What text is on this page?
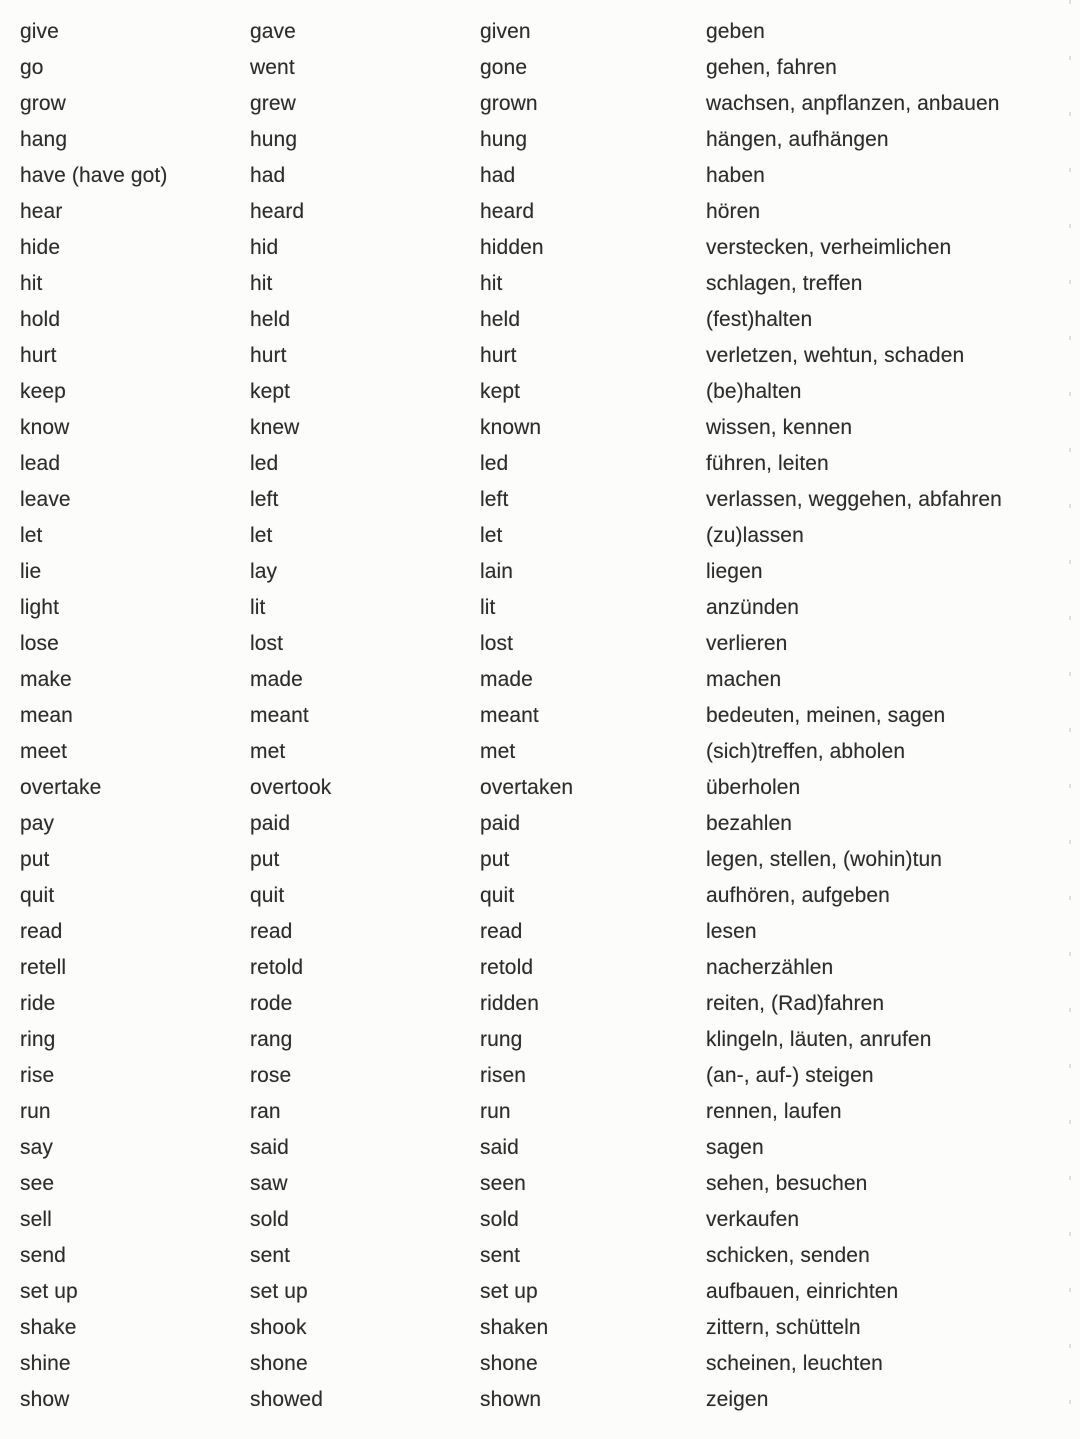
give	gave	given	geben
go	went	gone	gehen, fahren
grow	grew	grown	wachsen, anpflanzen, anbauen
hang	hung	hung	hängen, aufhängen
have (have got)	had	had	haben
hear	heard	heard	hören
hide	hid	hidden	verstecken, verheimlichen
hit	hit	hit	schlagen, treffen
hold	held	held	(fest)halten
hurt	hurt	hurt	verletzen, wehtun, schaden
keep	kept	kept	(be)halten
know	knew	known	wissen, kennen
lead	led	led	führen, leiten
leave	left	left	verlassen, weggehen, abfahren
let	let	let	(zu)lassen
lie	lay	lain	liegen
light	lit	lit	anzünden
lose	lost	lost	verlieren
make	made	made	machen
mean	meant	meant	bedeuten, meinen, sagen
meet	met	met	(sich)treffen, abholen
overtake	overtook	overtaken	überholen
pay	paid	paid	bezahlen
put	put	put	legen, stellen, (wohin)tun
quit	quit	quit	aufhören, aufgeben
read	read	read	lesen
retell	retold	retold	nacherzählen
ride	rode	ridden	reiten, (Rad)fahren
ring	rang	rung	klingeln, läuten, anrufen
rise	rose	risen	(an-, auf-) steigen
run	ran	run	rennen, laufen
say	said	said	sagen
see	saw	seen	sehen, besuchen
sell	sold	sold	verkaufen
send	sent	sent	schicken, senden
set up	set up	set up	aufbauen, einrichten
shake	shook	shaken	zittern, schütteln
shine	shone	shone	scheinen, leuchten
show	showed	shown	zeigen
